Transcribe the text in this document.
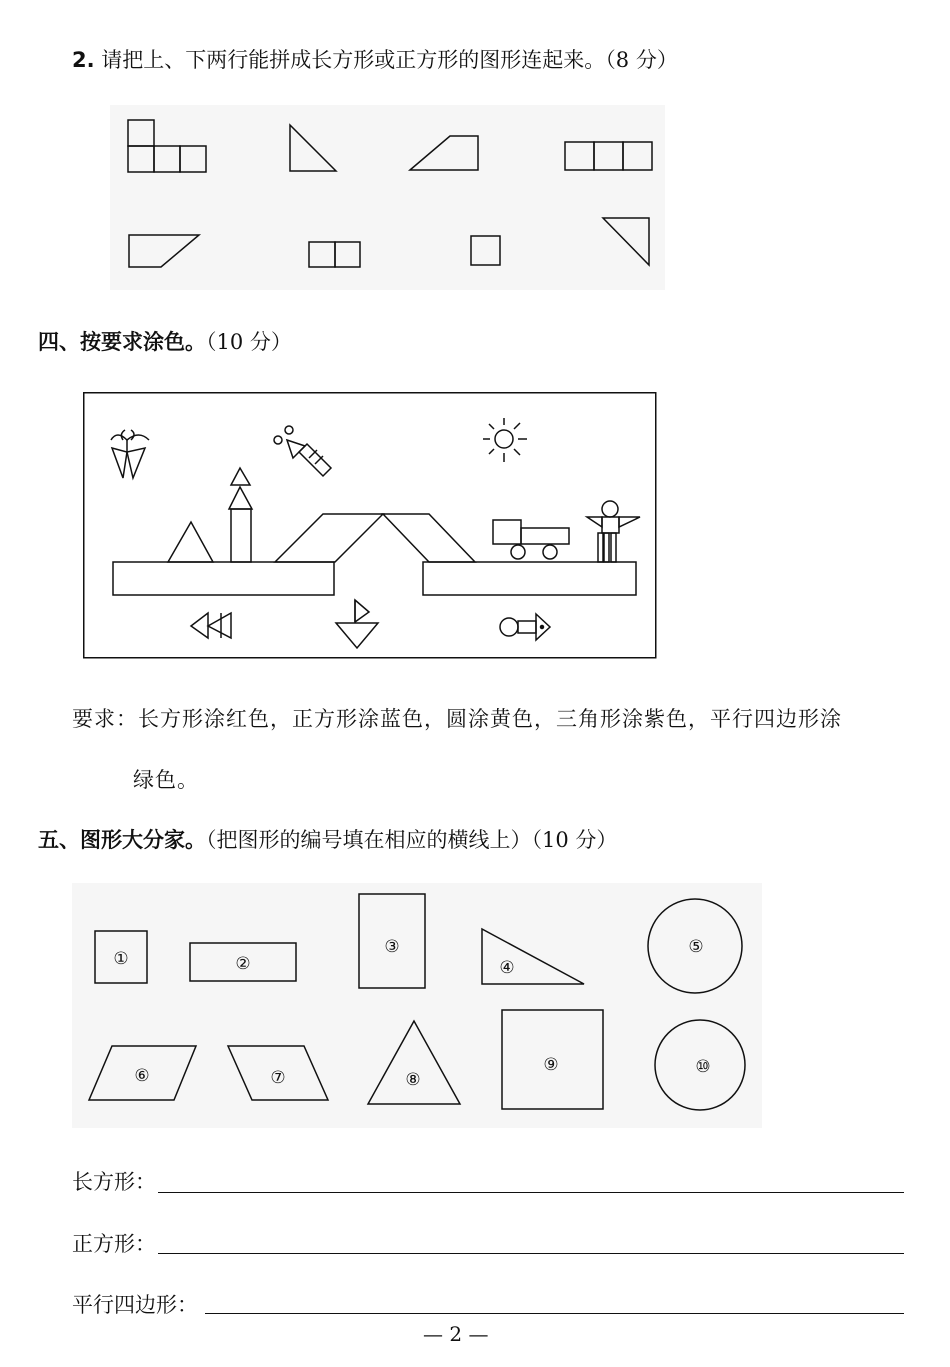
2. 请把上、下两行能拼成长方形或正方形的图形连起来。（8 分）
四、按要求涂色。（10 分）
要求：长方形涂红色，正方形涂蓝色，圆涂黄色，三角形涂紫色，平行四边形涂
绿色。
五、图形大分家。（把图形的编号填在相应的横线上）（10 分）
①	②
③
④
⑤
⑥	⑦	⑧
⑨	⑩
长方形：
正方形：
平行四边形：
— 2 —
